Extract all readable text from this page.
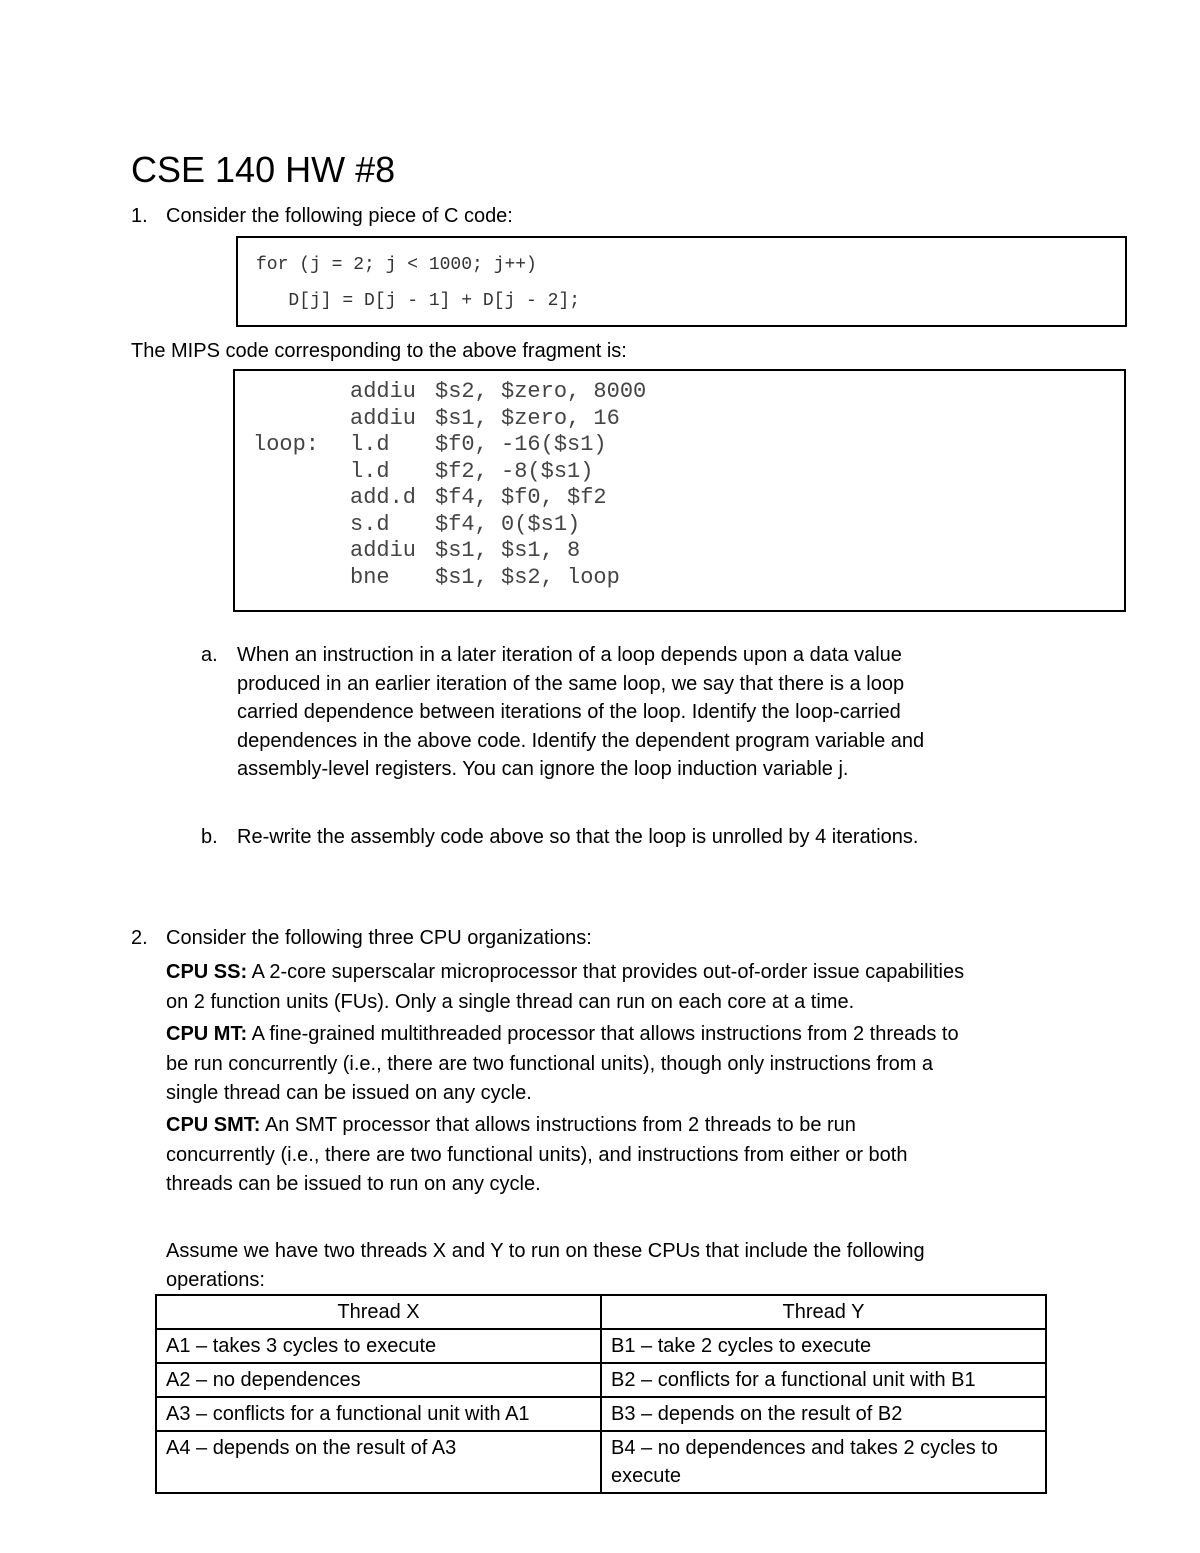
CSE 140 HW #8
1. Consider the following piece of C code:
for (j = 2; j < 1000; j++)
D[j] = D[j - 1] + D[j - 2];
The MIPS code corresponding to the above fragment is:
addiu $s2, $zero, 8000
addiu $s1, $zero, 16
loop:	l.d	$f0, -16($s1)
l.d	$f2, -8($s1)
add.d $f4, $f0, $f2
s.d	$f4, 0($s1)
addiu $s1, $s1, 8
bne	$s1, $s2, loop
a. When an instruction in a later iteration of a loop depends upon a data value
produced in an earlier iteration of the same loop, we say that there is a loop
carried dependence between iterations of the loop. Identify the loop-carried
dependences in the above code. Identify the dependent program variable and
assembly-level registers. You can ignore the loop induction variable j.
b. Re-write the assembly code above so that the loop is unrolled by 4 iterations.
2. Consider the following three CPU organizations:
CPU SS: A 2-core superscalar microprocessor that provides out-of-order issue capabilities
on 2 function units (FUs). Only a single thread can run on each core at a time.
CPU MT: A fine-grained multithreaded processor that allows instructions from 2 threads to
be run concurrently (i.e., there are two functional units), though only instructions from a
single thread can be issued on any cycle.
CPU SMT: An SMT processor that allows instructions from 2 threads to be run
concurrently (i.e., there are two functional units), and instructions from either or both
threads can be issued to run on any cycle.
Assume we have two threads X and Y to run on these CPUs that include the following
operations:
Thread X	Thread Y
A1 – takes 3 cycles to execute	B1 – take 2 cycles to execute
A2 – no dependences	B2 – conflicts for a functional unit with B1
A3 – conflicts for a functional unit with A1	B3 – depends on the result of B2
A4 – depends on the result of A3	B4 – no dependences and takes 2 cycles to execute
